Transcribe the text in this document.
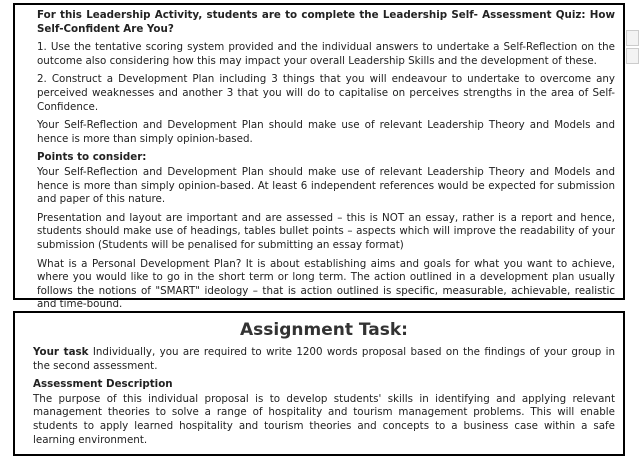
For this Leadership Activity, students are to complete the Leadership Self- Assessment Quiz: How Self-Confident Are You?

1. Use the tentative scoring system provided and the individual answers to undertake a Self-Reflection on the outcome also considering how this may impact your overall Leadership Skills and the development of these.

2. Construct a Development Plan including 3 things that you will endeavour to undertake to overcome any perceived weaknesses and another 3 that you will do to capitalise on perceives strengths in the area of Self- Confidence.

Your Self-Reflection and Development Plan should make use of relevant Leadership Theory and Models and hence is more than simply opinion-based.

Points to consider:

Your Self-Reflection and Development Plan should make use of relevant Leadership Theory and Models and hence is more than simply opinion-based. At least 6 independent references would be expected for submission and paper of this nature.

Presentation and layout are important and are assessed – this is NOT an essay, rather is a report and hence, students should make use of headings, tables bullet points – aspects which will improve the readability of your submission (Students will be penalised for submitting an essay format)

What is a Personal Development Plan? It is about establishing aims and goals for what you want to achieve, where you would like to go in the short term or long term. The action outlined in a development plan usually follows the notions of "SMART" ideology – that is action outlined is specific, measurable, achievable, realistic and time-bound.

Assignment Task:

Your task Individually, you are required to write 1200 words proposal based on the findings of your group in the second assessment.

Assessment Description

The purpose of this individual proposal is to develop students' skills in identifying and applying relevant management theories to solve a range of hospitality and tourism management problems. This will enable students to apply learned hospitality and tourism theories and concepts to a business case within a safe learning environment.
